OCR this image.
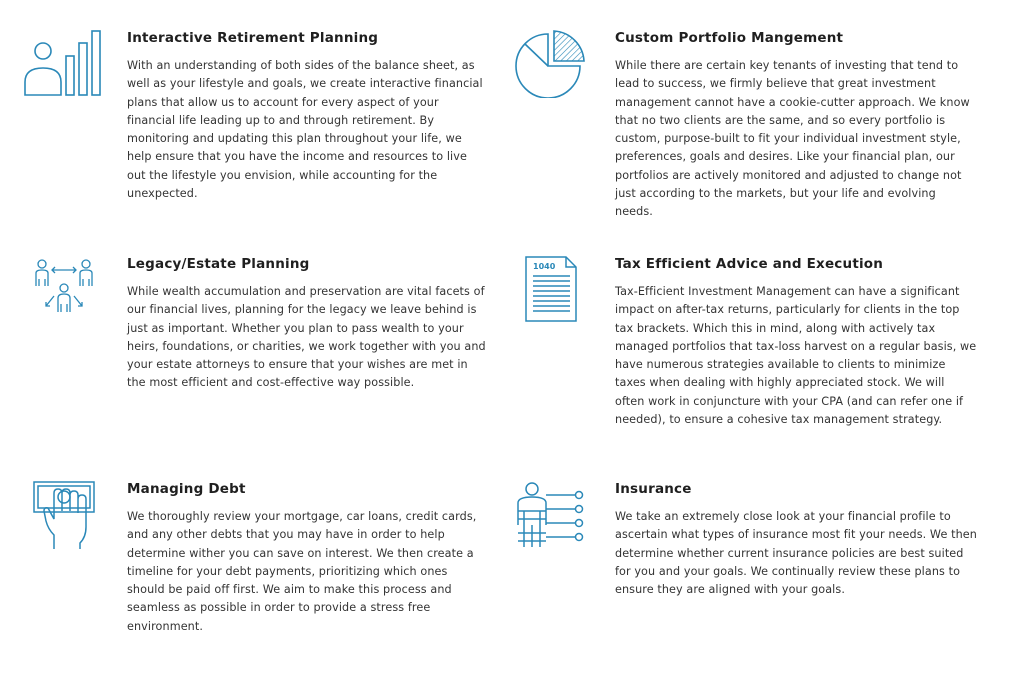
Interactive Retirement Planning

With an understanding of both sides of the balance sheet, as well as your lifestyle and goals, we create interactive financial plans that allow us to account for every aspect of your financial life leading up to and through retirement. By monitoring and updating this plan throughout your life, we help ensure that you have the income and resources to live out the lifestyle you envision, while accounting for the unexpected.

Custom Portfolio Mangement

While there are certain key tenants of investing that tend to lead to success, we firmly believe that great investment management cannot have a cookie-cutter approach. We know that no two clients are the same, and so every portfolio is custom, purpose-built to fit your individual investment style, preferences, goals and desires. Like your financial plan, our portfolios are actively monitored and adjusted to change not just according to the markets, but your life and evolving needs.

Legacy/Estate Planning

While wealth accumulation and preservation are vital facets of our financial lives, planning for the legacy we leave behind is just as important. Whether you plan to pass wealth to your heirs, foundations, or charities, we work together with you and your estate attorneys to ensure that your wishes are met in the most efficient and cost-effective way possible.

1040	Tax Efficient Advice and Execution

Tax-Efficient Investment Management can have a significant impact on after-tax returns, particularly for clients in the top tax brackets. Which this in mind, along with actively tax managed portfolios that tax-loss harvest on a regular basis, we have numerous strategies available to clients to minimize taxes when dealing with highly appreciated stock. We will often work in conjuncture with your CPA (and can refer one if needed), to ensure a cohesive tax management strategy.

Managing Debt

We thoroughly review your mortgage, car loans, credit cards, and any other debts that you may have in order to help determine wither you can save on interest. We then create a timeline for your debt payments, prioritizing which ones should be paid off first. We aim to make this process and seamless as possible in order to provide a stress free environment.

Insurance

We take an extremely close look at your financial profile to ascertain what types of insurance most fit your needs. We then determine whether current insurance policies are best suited for you and your goals. We continually review these plans to ensure they are aligned with your goals.
